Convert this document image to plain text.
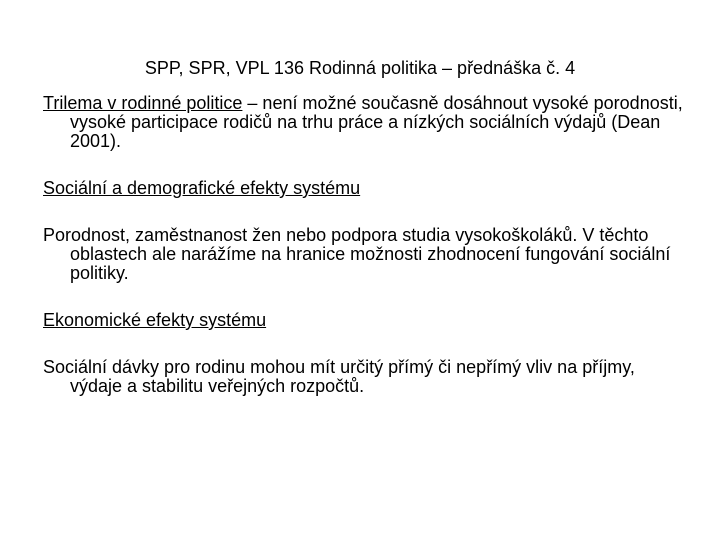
SPP, SPR, VPL 136 Rodinná politika – přednáška č. 4

Trilema v rodinné politice – není možné současně dosáhnout vysoké porodnosti, vysoké participace rodičů na trhu práce a nízkých sociálních výdajů (Dean 2001).

Sociální a demografické efekty systému

Porodnost, zaměstnanost žen nebo podpora studia vysokoškoláků. V těchto oblastech ale narážíme na hranice možnosti zhodnocení fungování sociální politiky.

Ekonomické efekty systému

Sociální dávky pro rodinu mohou mít určitý přímý či nepřímý vliv na příjmy, výdaje a stabilitu veřejných rozpočtů.
